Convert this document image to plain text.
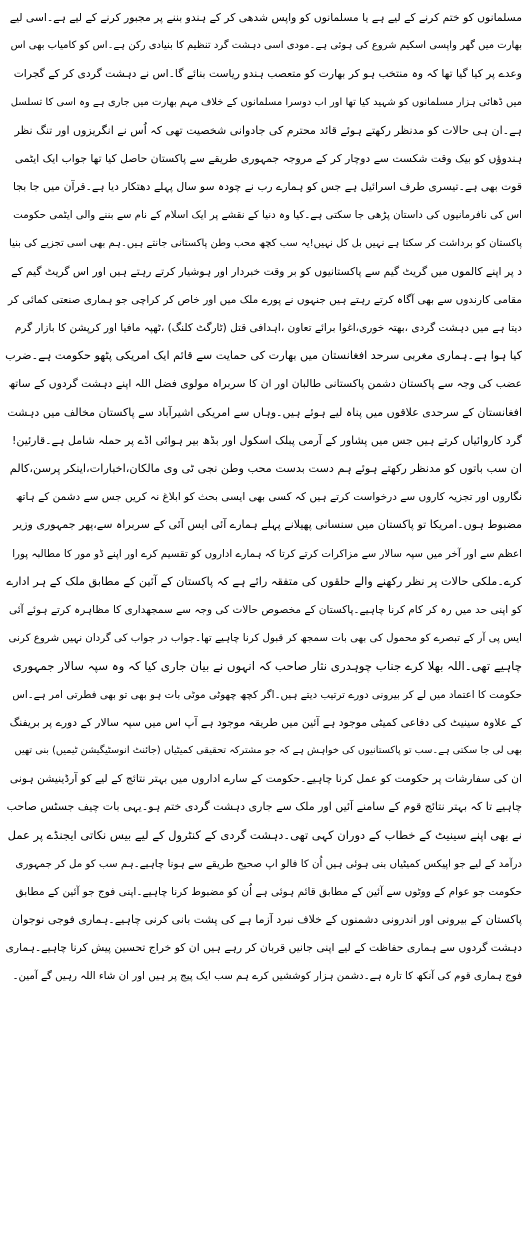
مسلمانوں کو ختم کرنے کے لیے ہے یا مسلمانوں کو واپس شدھی کر کے ہندو بننے پر مجبور کرنے کے لیے ہے۔اسی لیے
بھارت میں گھر واپسی اسکیم شروع کی ہوئی ہے۔مودی اسی دہشت گرد تنظیم کا بنیادی رکن ہے۔اس کو کامیاب بھی اس
وعدے پر کیا گیا تھا کہ وہ منتخب ہو کر بھارت کو متعصب ہندو ریاست بنائے گا۔اس نے دہشت گردی کر کے گجرات
میں ڈھائی ہزار مسلمانوں کو شہید کیا تھا اور اب دوسرا مسلمانوں کے خلاف مہم بھارت میں جاری ہے وہ اسی کا تسلسل
ہے۔ان ہی حالات کو مدنظر رکھتے ہوئے قائد محترم کی جادوانی شخصیت تھی کہ اُس نے انگریزوں اور تنگ نظر
ہندوؤں کو بیک وقت شکست سے دوچار کر کے مروجہ جمہوری طریقے سے پاکستان حاصل کیا تھا جواب ایک ایٹمی
قوت بھی ہے۔تیسری طرف اسرائیل ہے جس کو ہمارے رب نے چودہ سو سال پہلے دھتکار دیا ہے۔قرآن میں جا بجا
اس کی نافرمانیوں کی داستان پڑھی جا سکتی ہے۔کیا وہ دنیا کے نقشے پر ایک اسلام کے نام سے بننے والی ایٹمی حکومت
پاکستان کو برداشت کر سکتا ہے نہیں بل کل نہیں!یہ سب کچھ محب وطن پاکستانی جانتے ہیں۔ہم بھی اسی تجزیے کی بنیا
د پر اپنے کالموں میں گریٹ گیم سے پاکستانیوں کو بر وقت خبردار اور ہوشیار کرتے رہتے ہیں اور اس گریٹ گیم کے
مقامی کارندوں سے بھی آگاہ کرتے رہتے ہیں جنہوں نے پورے ملک میں اور خاص کر کراچی جو ہماری صنعتی کمائی کر
دیتا ہے میں دہشت گردی ،بھتہ خوری،اغوا برائے تعاون ،اہدافی قتل (ٹارگٹ کلنگ) ،ٹھپہ مافیا اور کرپشن کا بازار گرم
کیا ہوا ہے۔ہماری مغربی سرحد افغانستان میں بھارت کی حمایت سے قائم ایک امریکی پٹھو حکومت ہے۔ضرب
عضب کی وجہ سے پاکستان دشمن پاکستانی طالبان اور ان کا سربراہ مولوی فضل اللہ اپنے دہشت گردوں کے ساتھ
افغانستان کے سرحدی علاقوں میں پناہ لیے ہوئے ہیں۔وہاں سے امریکی اشیرآباد سے پاکستان مخالف میں دہشت
گرد کاروائیاں کرتے ہیں جس میں پشاور کے آرمی پبلک اسکول اور بڈھ بیر ہوائی اڈے پر حملہ شامل ہے۔قارئین!
ان سب باتوں کو مدنظر رکھتے ہوئے ہم دست بدست محب وطن نجی ٹی وی مالکان،اخبارات،اینکر پرسن،کالم
نگاروں اور تجزیہ کاروں سے درخواست کرتے ہیں کہ کسی بھی ایسی بحث کو ابلاغ نہ کریں جس سے دشمن کے ہاتھ
مضبوط ہوں۔امریکا تو پاکستان میں سنسانی پھیلانے پہلے ہمارے آئی ایس آئی کے سربراہ سے،پھر جمہوری وزیر
اعظم سے اور آخر میں سپہ سالار سے مزاکرات کرتے کرتا کہ ہمارے اداروں کو تقسیم کرے اور اپنے ڈو مور کا مطالبہ پورا
کرے۔ملکی حالات پر نظر رکھنے والے حلقوں کی متفقہ رائے ہے کہ پاکستان کے آئین کے مطابق ملک کے ہر ادارے
کو اپنی حد میں رہ کر کام کرنا چاہیے۔پاکستان کے مخصوص حالات کی وجہ سے سمجھداری کا مظاہرہ کرتے ہوئے آئی
ایس پی آر کے تبصرے کو محمول کی بھی بات سمجھ کر قبول کرنا چاہیے تھا۔جواب در جواب کی گردان نہیں شروع کرنی
چاہیے تھی۔اللہ بھلا کرے جناب چوہدری نثار صاحب کہ انہوں نے بیان جاری کیا کہ وہ سپہ سالار جمہوری
حکومت کا اعتماد میں لے کر بیرونی دورے ترتیب دیتے ہیں۔اگر کچھ چھوٹی موٹی بات ہو بھی تو بھی فطرتی امر ہے۔اس
کے علاوہ سینیٹ کی دفاعی کمیٹی موجود ہے آئین میں طریقہ موجود ہے آپ اس میں سپہ سالار کے دورے پر بریفنگ
بھی لی جا سکتی ہے۔سب تو پاکستانیوں کی خواہش ہے کہ جو مشترکہ تحقیقی کمیٹیاں (جائنٹ انوسٹیگیشن ٹیمیں) بنی تھیں
ان کی سفارشات پر حکومت کو عمل کرنا چاہیے۔حکومت کے سارے اداروں میں بہتر نتائج کے لیے کو آرڈینیشن ہونی
چاہیے تا کہ بہتر نتائج قوم کے سامنے آئیں اور ملک سے جاری دہشت گردی ختم ہو۔یہی بات چیف جسٹس صاحب
نے بھی اپنے سینیٹ کے خطاب کے دوران کہی تھی۔دہشت گردی کے کنٹرول کے لیے بیس نکاتی ایجنڈے پر عمل
درآمد کے لیے جو اپیکس کمیٹیاں بنی ہوئی ہیں اُن کا فالو اپ صحیح طریقے سے ہونا چاہیے۔ہم سب کو مل کر جمہوری
حکومت جو عوام کے ووٹوں سے آئین کے مطابق قائم ہوئی ہے اُن کو مضبوط کرنا چاہیے۔اپنی فوج جو آئین کے مطابق
پاکستان کے بیرونی اور اندرونی دشمنوں کے خلاف نبرد آزما ہے کی پشت بانی کرنی چاہیے۔ہماری فوجی نوجوان
دہشت گردوں سے ہماری حفاظت کے لیے اپنی جانیں قربان کر رہے ہیں ان کو خراج تحسین پیش کرنا چاہیے۔ہماری
فوج ہماری قوم کی آنکھ کا تارہ ہے۔دشمن ہزار کوششیں کرے ہم سب ایک پیج پر ہیں اور ان شاء اللہ رہیں گے آمین۔
